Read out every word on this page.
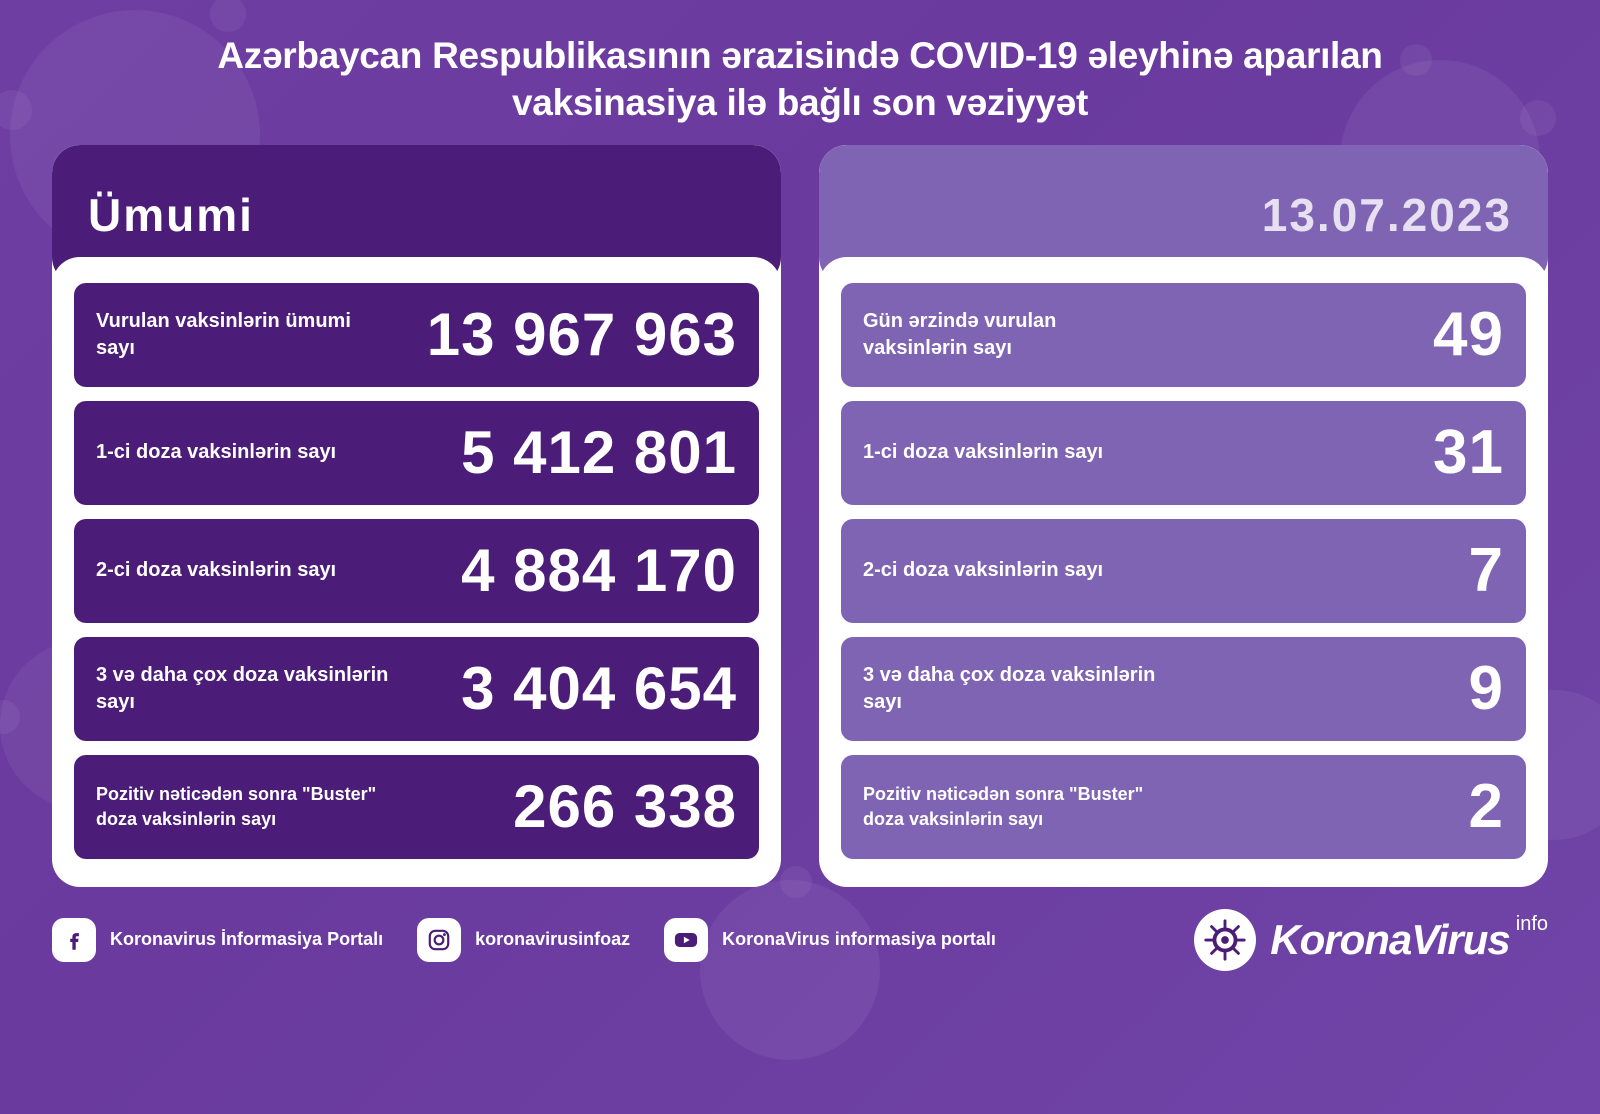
Azərbaycan Respublikasının ərazisində COVID-19 əleyhinə aparılan vaksinasiya ilə bağlı son vəziyyət
Ümumi
Vurulan vaksinlərin ümumi sayı	13 967 963
1-ci doza vaksinlərin sayı 5 412 801
2-ci doza vaksinlərin sayı 4 884 170
3 və daha çox doza vaksinlərin sayı	3 404 654
Pozitiv nəticədən sonra "Buster" doza vaksinlərin sayı	266 338
13.07.2023
Gün ərzində vurulan vaksinlərin sayı	49
1-ci doza vaksinlərin sayı	31
2-ci doza vaksinlərin sayı	7
3 və daha çox doza vaksinlərin sayı	9
Pozitiv nəticədən sonra "Buster" doza vaksinlərin sayı	2
Koronavirus İnformasiya Portalı	koronavirusinfoaz	KoronaVirus informasiya portalı	KoronaVirus info
